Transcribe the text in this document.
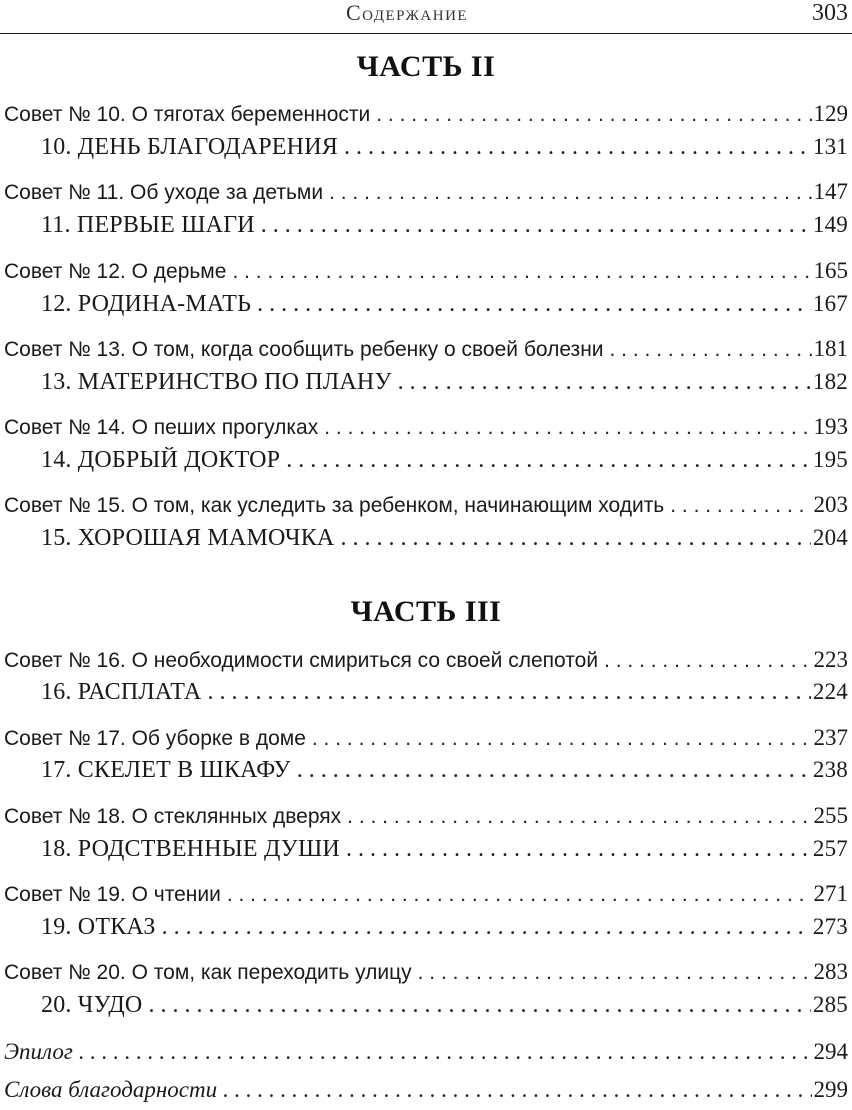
Содержание	303
ЧАСТЬ II
Совет № 10. О тяготах беременности . . .	129
10. ДЕНЬ БЛАГОДАРЕНИЯ . . .	131
Совет № 11. Об уходе за детьми . . .	147
11. ПЕРВЫЕ ШАГИ . . .	149
Совет № 12. О дерьме . . .	165
12. РОДИНА-МАТЬ . . .	167
Совет № 13. О том, когда сообщить ребенку о своей болезни . . .	181
13. МАТЕРИНСТВО ПО ПЛАНУ . . .	182
Совет № 14. О пеших прогулках . . .	193
14. ДОБРЫЙ ДОКТОР . . .	195
Совет № 15. О том, как уследить за ребенком, начинающим ходить . . .	203
15. ХОРОШАЯ МАМОЧКА . . .	204
ЧАСТЬ III
Совет № 16. О необходимости смириться со своей слепотой . . .	223
16. РАСПЛАТА . . .	224
Совет № 17. Об уборке в доме . . .	237
17. СКЕЛЕТ В ШКАФУ . . .	238
Совет № 18. О стеклянных дверях . . .	255
18. РОДСТВЕННЫЕ ДУШИ . . .	257
Совет № 19. О чтении . . .	271
19. ОТКАЗ . . .	273
Совет № 20. О том, как переходить улицу . . .	283
20. ЧУДО . . .	285
Эпилог . . .	294
Слова благодарности . . .	299
